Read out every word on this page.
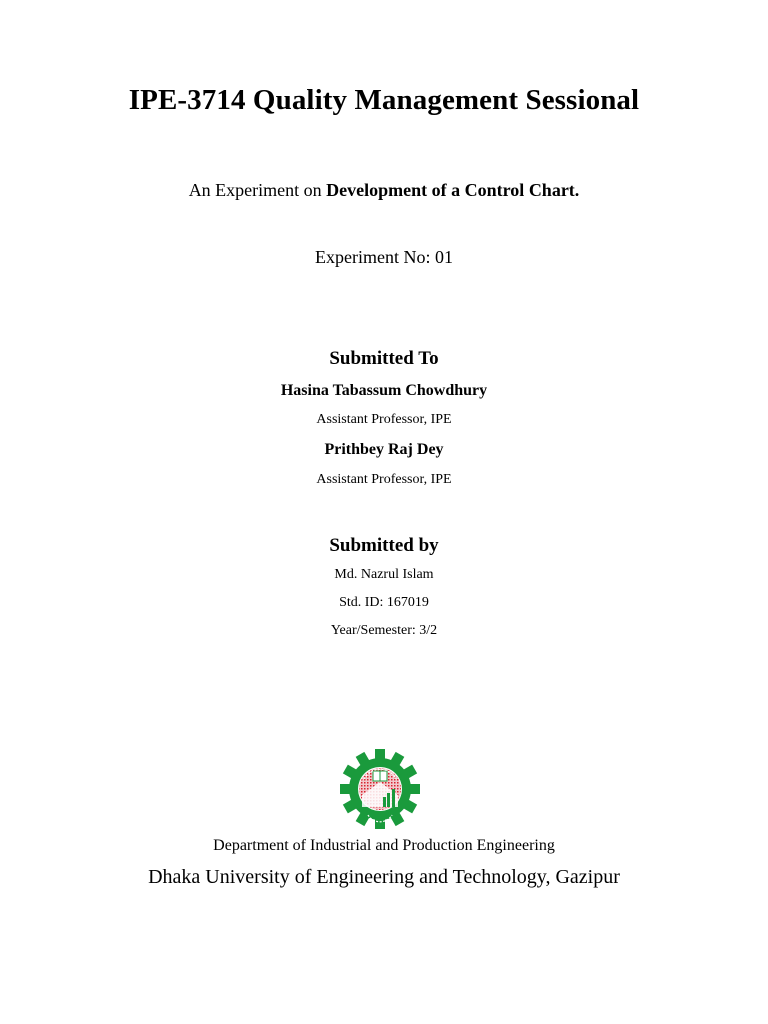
IPE-3714 Quality Management Sessional
An Experiment on Development of a Control Chart.
Experiment No: 01
Submitted To
Hasina Tabassum Chowdhury
Assistant Professor, IPE
Prithbey Raj Dey
Assistant Professor, IPE
Submitted by
Md. Nazrul Islam
Std. ID: 167019
Year/Semester: 3/2
Department of Industrial and Production Engineering
Dhaka University of Engineering and Technology, Gazipur
